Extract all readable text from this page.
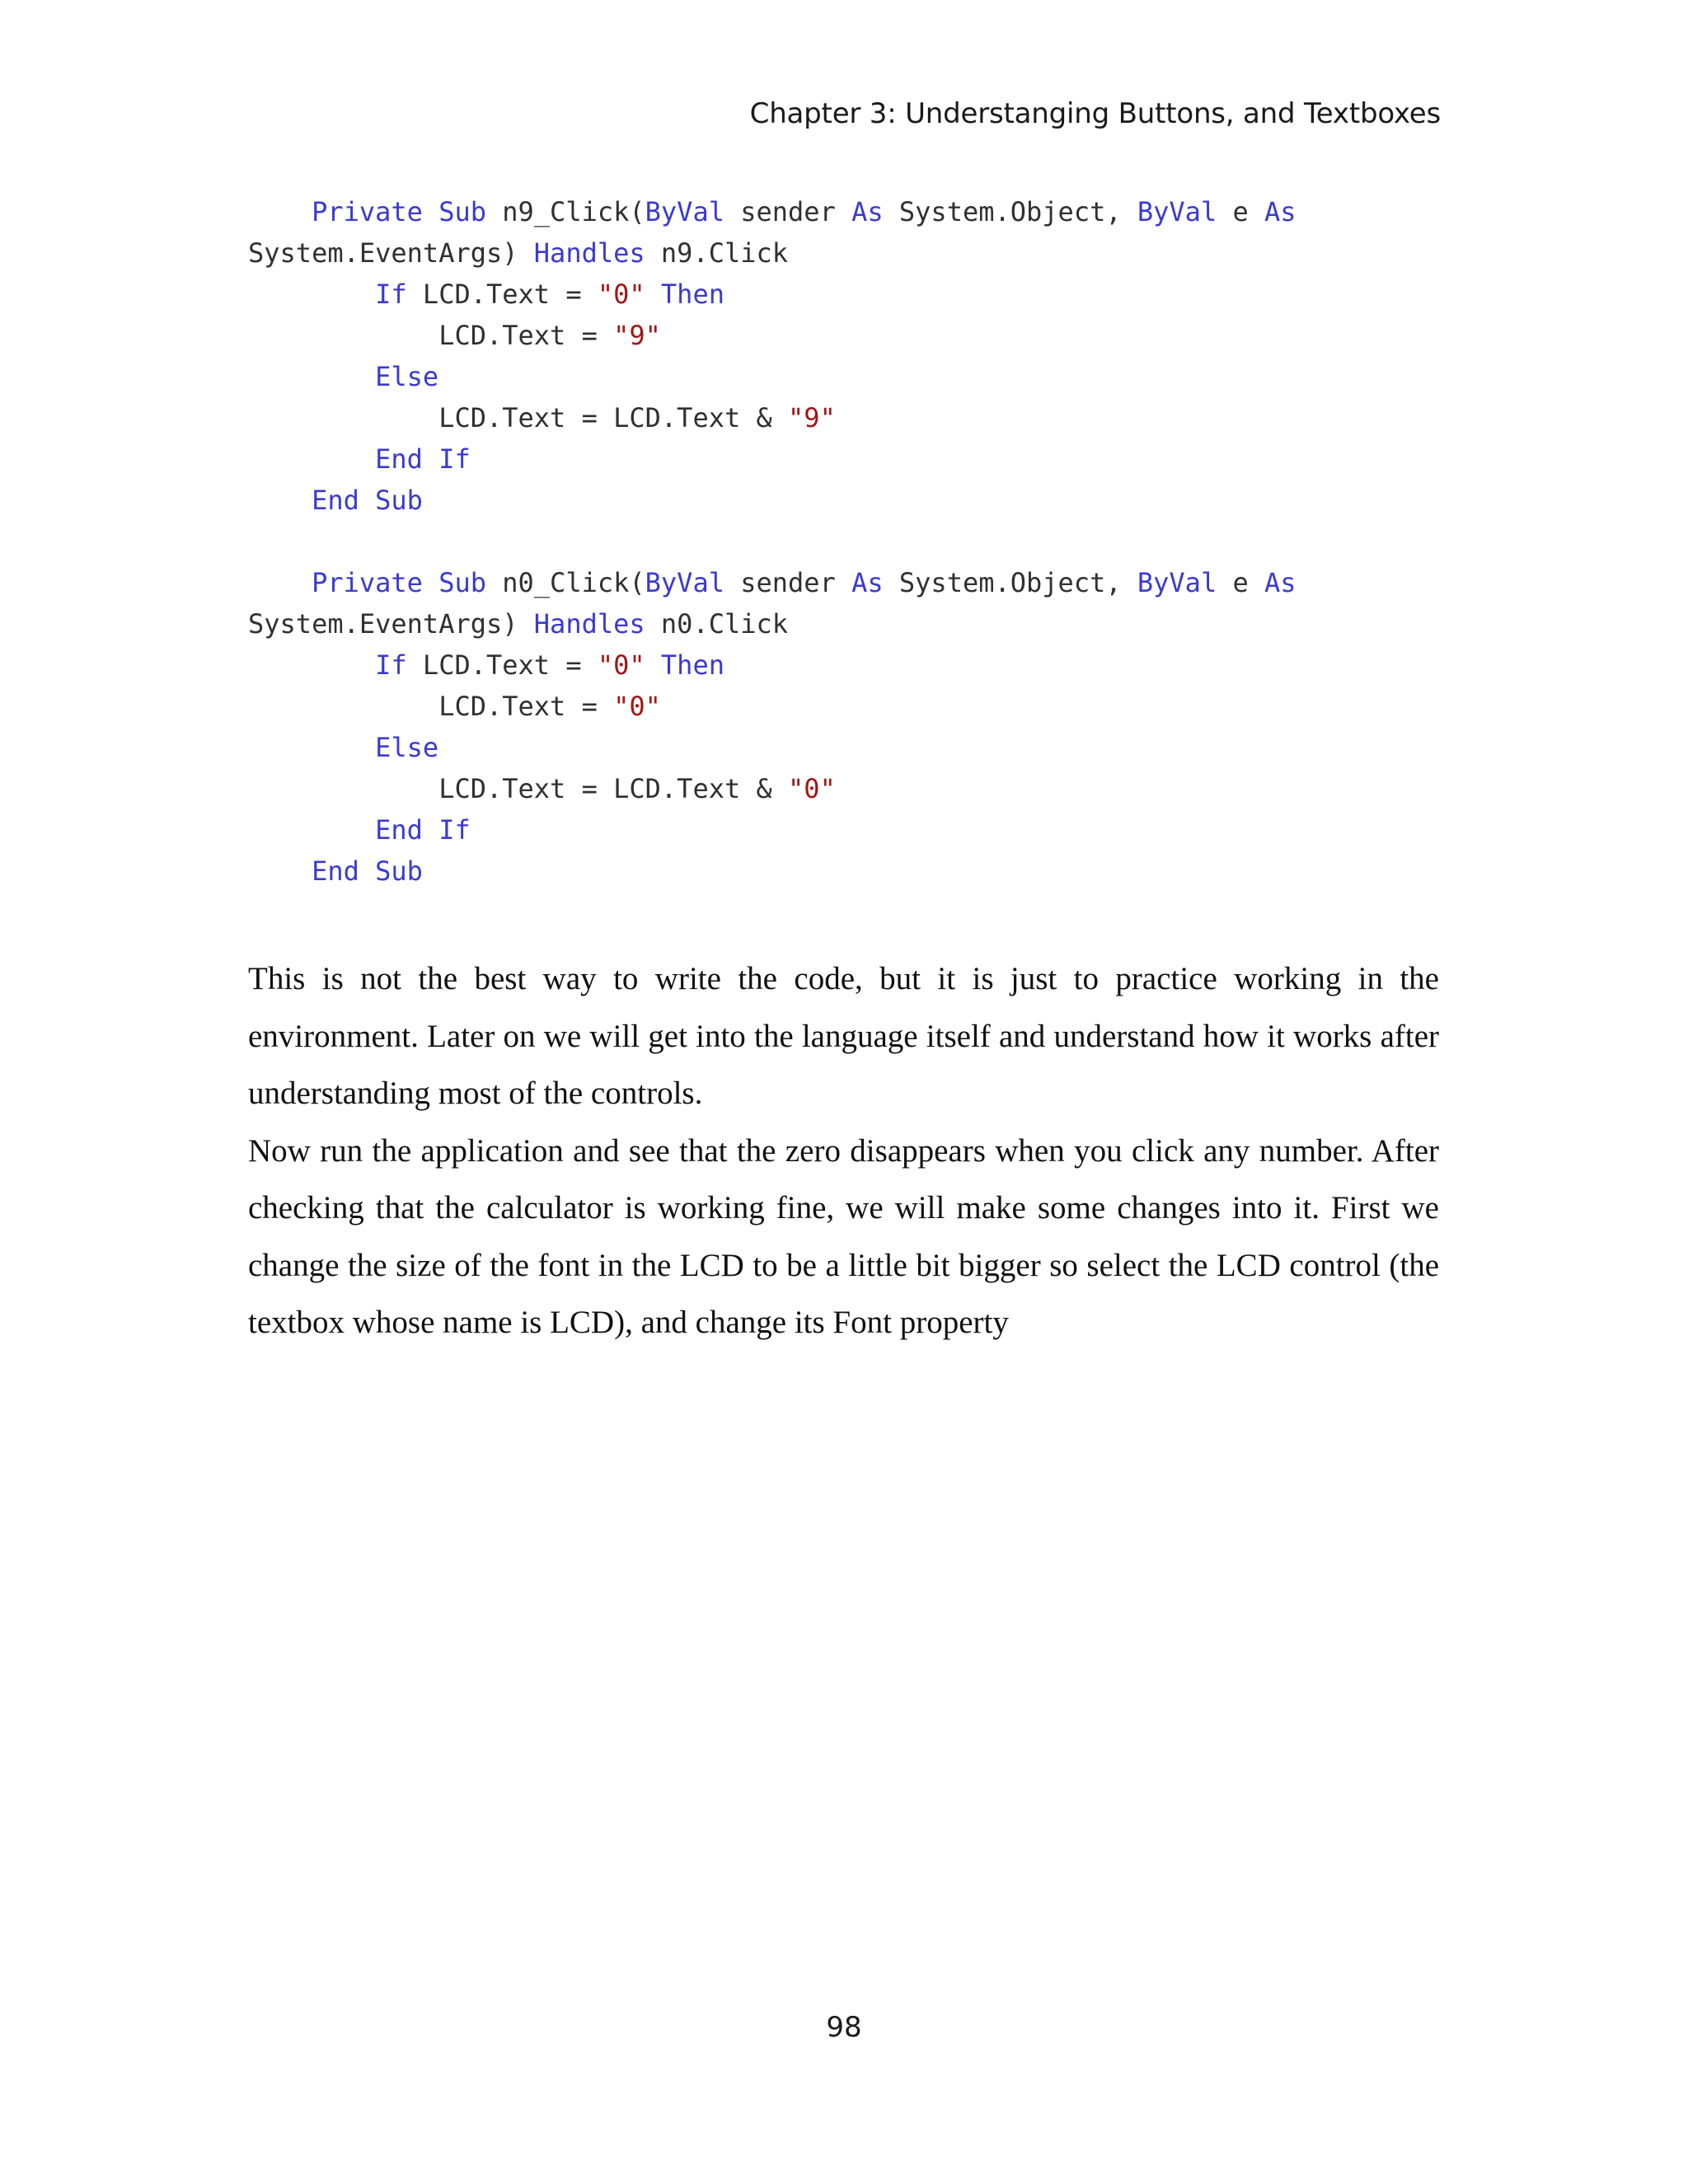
Chapter 3: Understanging Buttons, and Textboxes
Private Sub n9_Click(ByVal sender As System.Object, ByVal e As
System.EventArgs) Handles n9.Click
If LCD.Text = "0" Then
LCD.Text = "9"
Else
LCD.Text = LCD.Text & "9"
End If
End Sub

Private Sub n0_Click(ByVal sender As System.Object, ByVal e As
System.EventArgs) Handles n0.Click
If LCD.Text = "0" Then
LCD.Text = "0"
Else
LCD.Text = LCD.Text & "0"
End If
End Sub

This is not the best way to write the code, but it is just to practice working in the environment. Later on we will get into the language itself and understand how it works after understanding most of the controls.

Now run the application and see that the zero disappears when you click any number. After checking that the calculator is working fine, we will make some changes into it. First we change the size of the font in the LCD to be a little bit bigger so select the LCD control (the textbox whose name is LCD), and change its Font property

98
